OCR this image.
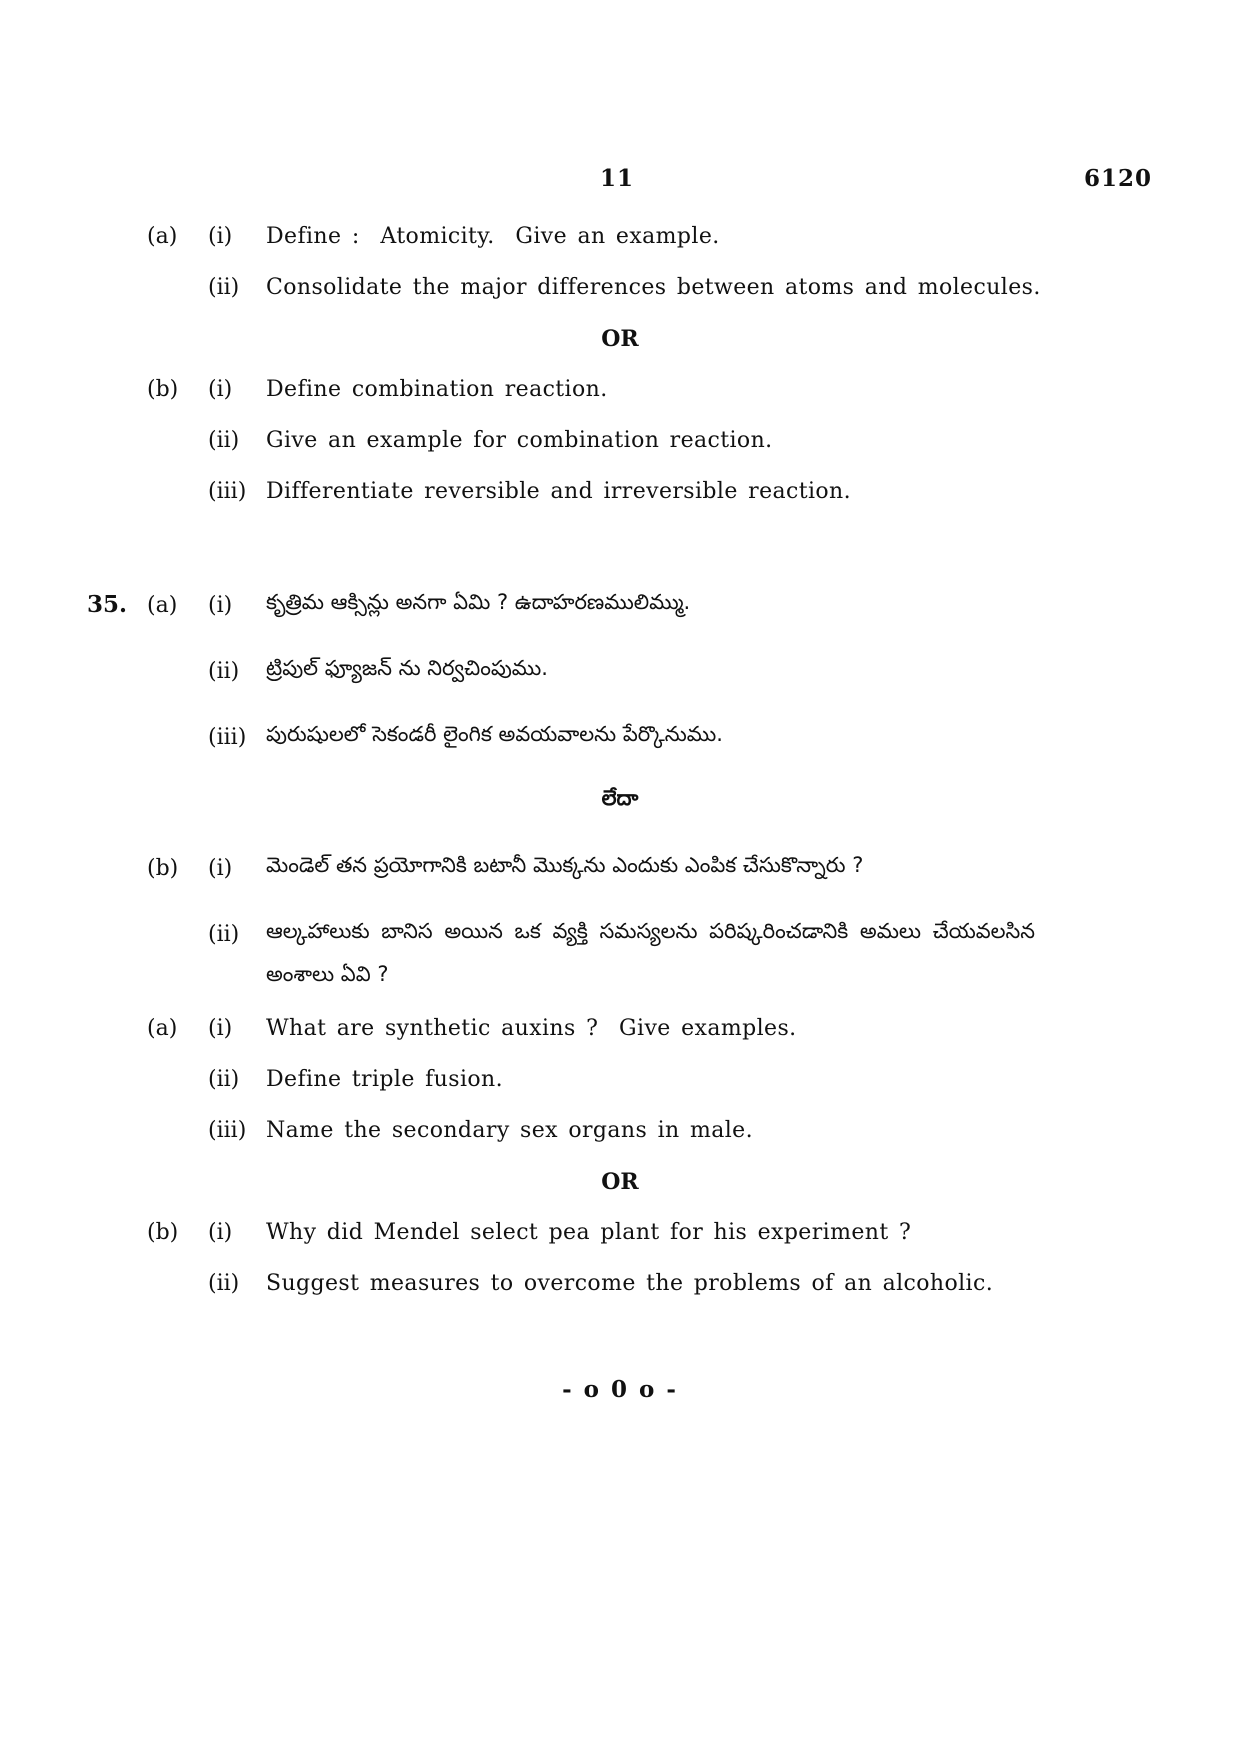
11	6120
(a) (i) Define :  Atomicity.  Give an example.
(ii) Consolidate the major differences between atoms and molecules.
OR
(b) (i) Define combination reaction.
(ii) Give an example for combination reaction.
(iii) Differentiate reversible and irreversible reaction.
35. (a) (i) కృత్రిమ ఆక్సిన్లు అనగా ఏమి ? ఉదాహరణములిమ్ము.
(ii) ట్రిపుల్ ఫ్యూజన్ ను నిర్వచింపుము.
(iii) పురుషులలో సెకండరీ లైంగిక అవయవాలను పేర్కొనుము.
లేదా
(b) (i) మెండెల్ తన ప్రయోగానికి బటానీ మొక్కను ఎందుకు ఎంపిక చేసుకొన్నారు ?
(ii) ఆల్కహాలుకు బానిస అయిన ఒక వ్యక్తి సమస్యలను పరిష్కరించడానికి అమలు చేయవలసిన
అంశాలు ఏవి ?
(a) (i) What are synthetic auxins ?  Give examples.
(ii) Define triple fusion.
(iii) Name the secondary sex organs in male.
OR
(b) (i) Why did Mendel select pea plant for his experiment ?
(ii) Suggest measures to overcome the problems of an alcoholic.
- o 0 o -
